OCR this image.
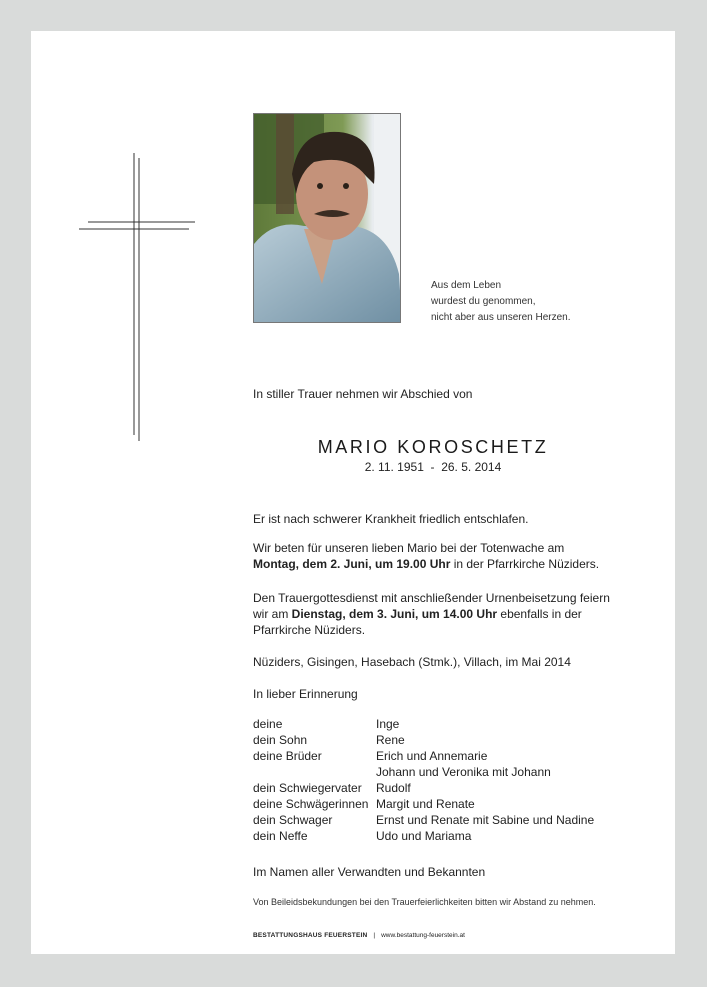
Aus dem Leben
wurdest du genommen,
nicht aber aus unseren Herzen.
In stiller Trauer nehmen wir Abschied von
MARIO KOROSCHETZ
2. 11. 1951  -  26. 5. 2014
Er ist nach schwerer Krankheit friedlich entschlafen.
Wir beten für unseren lieben Mario bei der Totenwache am
Montag, dem 2. Juni, um 19.00 Uhr in der Pfarrkirche Nüziders.
Den Trauergottesdienst mit anschließender Urnenbeisetzung feiern wir am Dienstag, dem 3. Juni, um 14.00 Uhr ebenfalls in der Pfarrkirche Nüziders.
Nüziders, Gisingen, Hasebach (Stmk.), Villach, im Mai 2014
In lieber Erinnerung
deine	Inge
dein Sohn	Rene
deine Brüder	Erich und Annemarie
Johann und Veronika mit Johann
dein Schwiegervater	Rudolf
deine Schwägerinnen Margit und Renate
dein Schwager	Ernst und Renate mit Sabine und Nadine
dein Neffe	Udo und Mariama
Im Namen aller Verwandten und Bekannten
Von Beileidsbekundungen bei den Trauerfeierlichkeiten bitten wir Abstand zu nehmen.
BESTATTUNGSHAUS FEUERSTEIN | www.bestattung-feuerstein.at
